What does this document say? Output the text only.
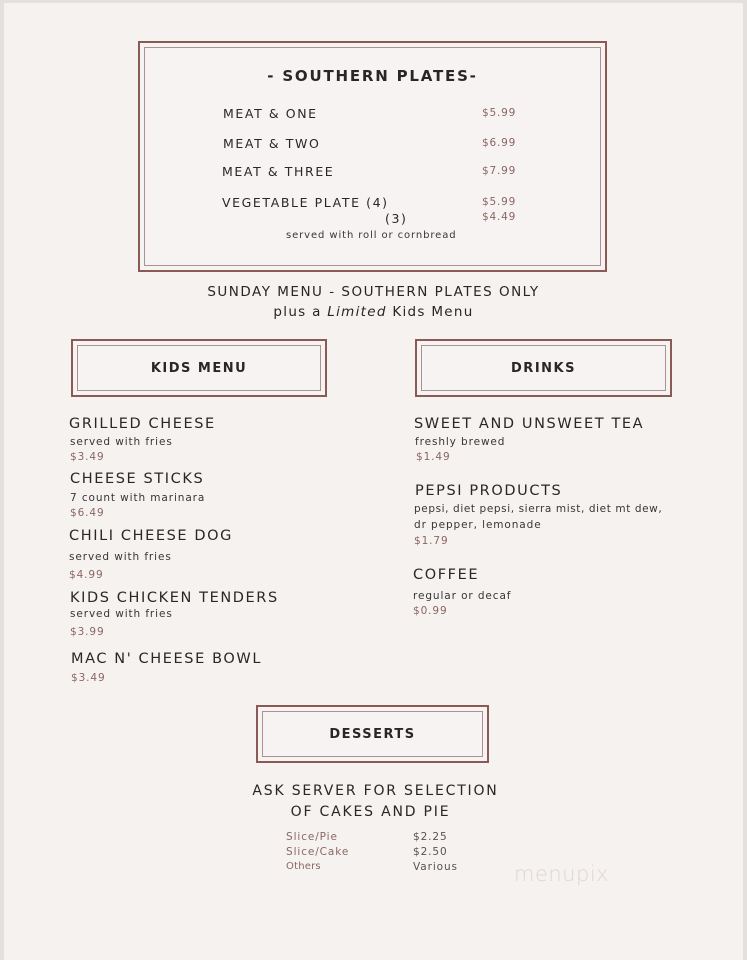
- SOUTHERN PLATES-
MEAT & ONE	$5.99
MEAT & TWO	$6.99
MEAT & THREE	$7.99
VEGETABLE PLATE (4)	$5.99
(3)	$4.49
served with roll or cornbread
SUNDAY MENU - SOUTHERN PLATES ONLY
plus a Limited Kids Menu
KIDS MENU	DRINKS
GRILLED CHEESE
served with fries
$3.49
CHEESE STICKS
7 count with marinara
$6.49
CHILI CHEESE DOG
served with fries
$4.99
KIDS CHICKEN TENDERS
served with fries
$3.99
MAC N' CHEESE BOWL
$3.49
SWEET AND UNSWEET TEA
freshly brewed
$1.49
PEPSI PRODUCTS
pepsi, diet pepsi, sierra mist, diet mt dew,
dr pepper, lemonade
$1.79
COFFEE
regular or decaf
$0.99
DESSERTS
ASK SERVER FOR SELECTION
OF CAKES AND PIE
Slice/Pie	$2.25
Slice/Cake	$2.50
Others	Various	menupix
